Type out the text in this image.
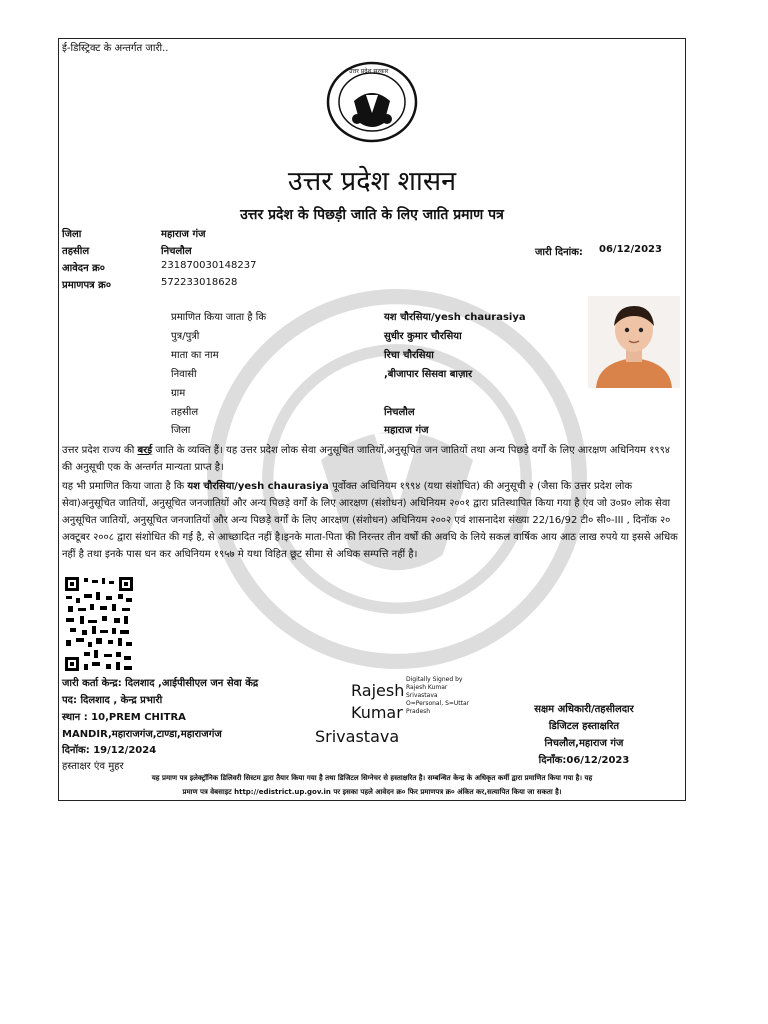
ई-डिस्ट्रिक्ट के अन्तर्गत जारी..
उत्तर प्रदेश सरकार
उत्तर प्रदेश शासन
उत्तर प्रदेश के पिछड़ी जाति के लिए जाति प्रमाण पत्र
जिला	महाराज गंज
तहसील	निचलौल
आवेदन क्र०	231870030148237
प्रमाणपत्र क्र०	572233018628
जारी दिनांक: 06/12/2023
प्रमाणित किया जाता है कि	यश चौरसिया/yesh chaurasiya
पुत्र/पुत्री	सुधीर कुमार चौरसिया
माता का नाम	रिचा चौरसिया
निवासी	,बीजापार सिसवा बाज़ार
ग्राम
तहसील	निचलौल
जिला	महाराज गंज
उत्तर प्रदेश राज्य की बरई जाति के व्यक्ति हैं। यह उत्तर प्रदेश लोक सेवा अनुसूचित जातियों,अनुसूचित जन जातियों तथा अन्य पिछड़े वर्गों के लिए आरक्षण अधिनियम १९९४ की अनुसूची एक के अन्तर्गत मान्यता प्राप्त है।
यह भी प्रमाणित किया जाता है कि यश चौरसिया/yesh chaurasiya पूर्वोक्त अधिनियम १९९४ (यथा संशोधित) की अनुसूची २ (जैसा कि उत्तर प्रदेश लोक सेवा)अनुसूचित जातियों, अनुसूचित जनजातियों और अन्य पिछड़े वर्गों के लिए आरक्षण (संशोधन) अधिनियम २००१ द्वारा प्रतिस्थापित किया गया है एंव जो उ०प्र० लोक सेवा अनुसूचित जातियों, अनुसूचित जनजातियों और अन्य पिछड़े वर्गों के लिए आरक्षण (संशोधन) अधिनियम २००२ एवं शासनादेश संख्या 22/16/92 टी० सी०-III , दिनॉक २० अक्टूबर २००८ द्वारा संशोधित की गई है, से आच्छादित नहीं है।इनके माता-पिता की निरन्तर तीन वर्षों की अवधि के लिये सकल वार्षिक आय आठ लाख रुपये या इससे अधिक नहीं है तथा इनके पास धन कर अधिनियम १९५७ मे यथा विहित छूट सीमा से अधिक सम्पत्ति नहीं है।
जारी कर्ता केन्द्र: दिलशाद ,आईपीसीएल जन सेवा केंद्र
पद: दिलशाद , केन्द्र प्रभारी
स्थान : 10,PREM CHITRA
MANDIR,महाराजगंज,टाण्डा,महाराजगंज
दिनॉक: 19/12/2024
हस्ताक्षर एंव मुहर
Rajesh
Kumar
Srivastava
Digitally Signed by
Rajesh Kumar
Srivastava
O=Personal, S=Uttar
Pradesh	सक्षम अधिकारी/तहसीलदार
डिजिटल हस्ताक्षरित
निचलौल,महाराज गंज
दिनाँक:06/12/2023
यह प्रमाण पत्र इलेक्ट्रॉनिक डिलिवरी सिस्टम द्वारा तैयार किया गया है तथा डिजिटल सिग्नेचर से हस्ताक्षरित है। सम्बन्धित केन्द्र के अधिकृत कर्मी द्वारा प्रमाणित किया गया है। यह
प्रमाण पत्र वेबसाइट http://edistrict.up.gov.in पर इसका पहले आवेदन क्र० फिर प्रमाणपत्र क्र० अंकित कर,सत्यापित किया जा सकता है।
